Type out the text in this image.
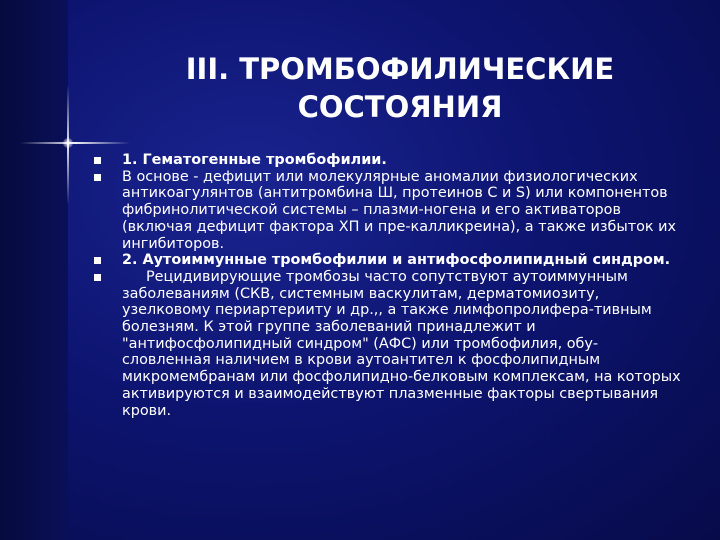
III. ТРОМБОФИЛИЧЕСКИЕ
СОСТОЯНИЯ
1. Гематогенные тромбофилии.
В основе - дефицит или молекулярные аномалии физиологических антикоагулянтов (антитромбина Ш, протеинов С и S) или компонентов фибринолитической системы – плазми-ногена и его активаторов (включая дефицит фактора ХП и пре-калликреина), а также избыток их ингибиторов.
2. Аутоиммунные тромбофилии и антифосфолипидный синдром.
Рецидивирующие тромбозы часто сопутствуют аутоиммунным заболеваниям (СКВ, системным васкулитам, дерматомиозиту, узелковому периартерииту и др.,, а также лимфопролифера-тивным болезням. К этой группе заболеваний принадлежит и "антифосфолипидный синдром" (АФС) или тромбофилия, обу-словленная наличием в крови аутоантител к фосфолипидным микромембранам или фосфолипидно-белковым комплексам, на которых активируются и взаимодействуют плазменные факторы свертывания крови.
